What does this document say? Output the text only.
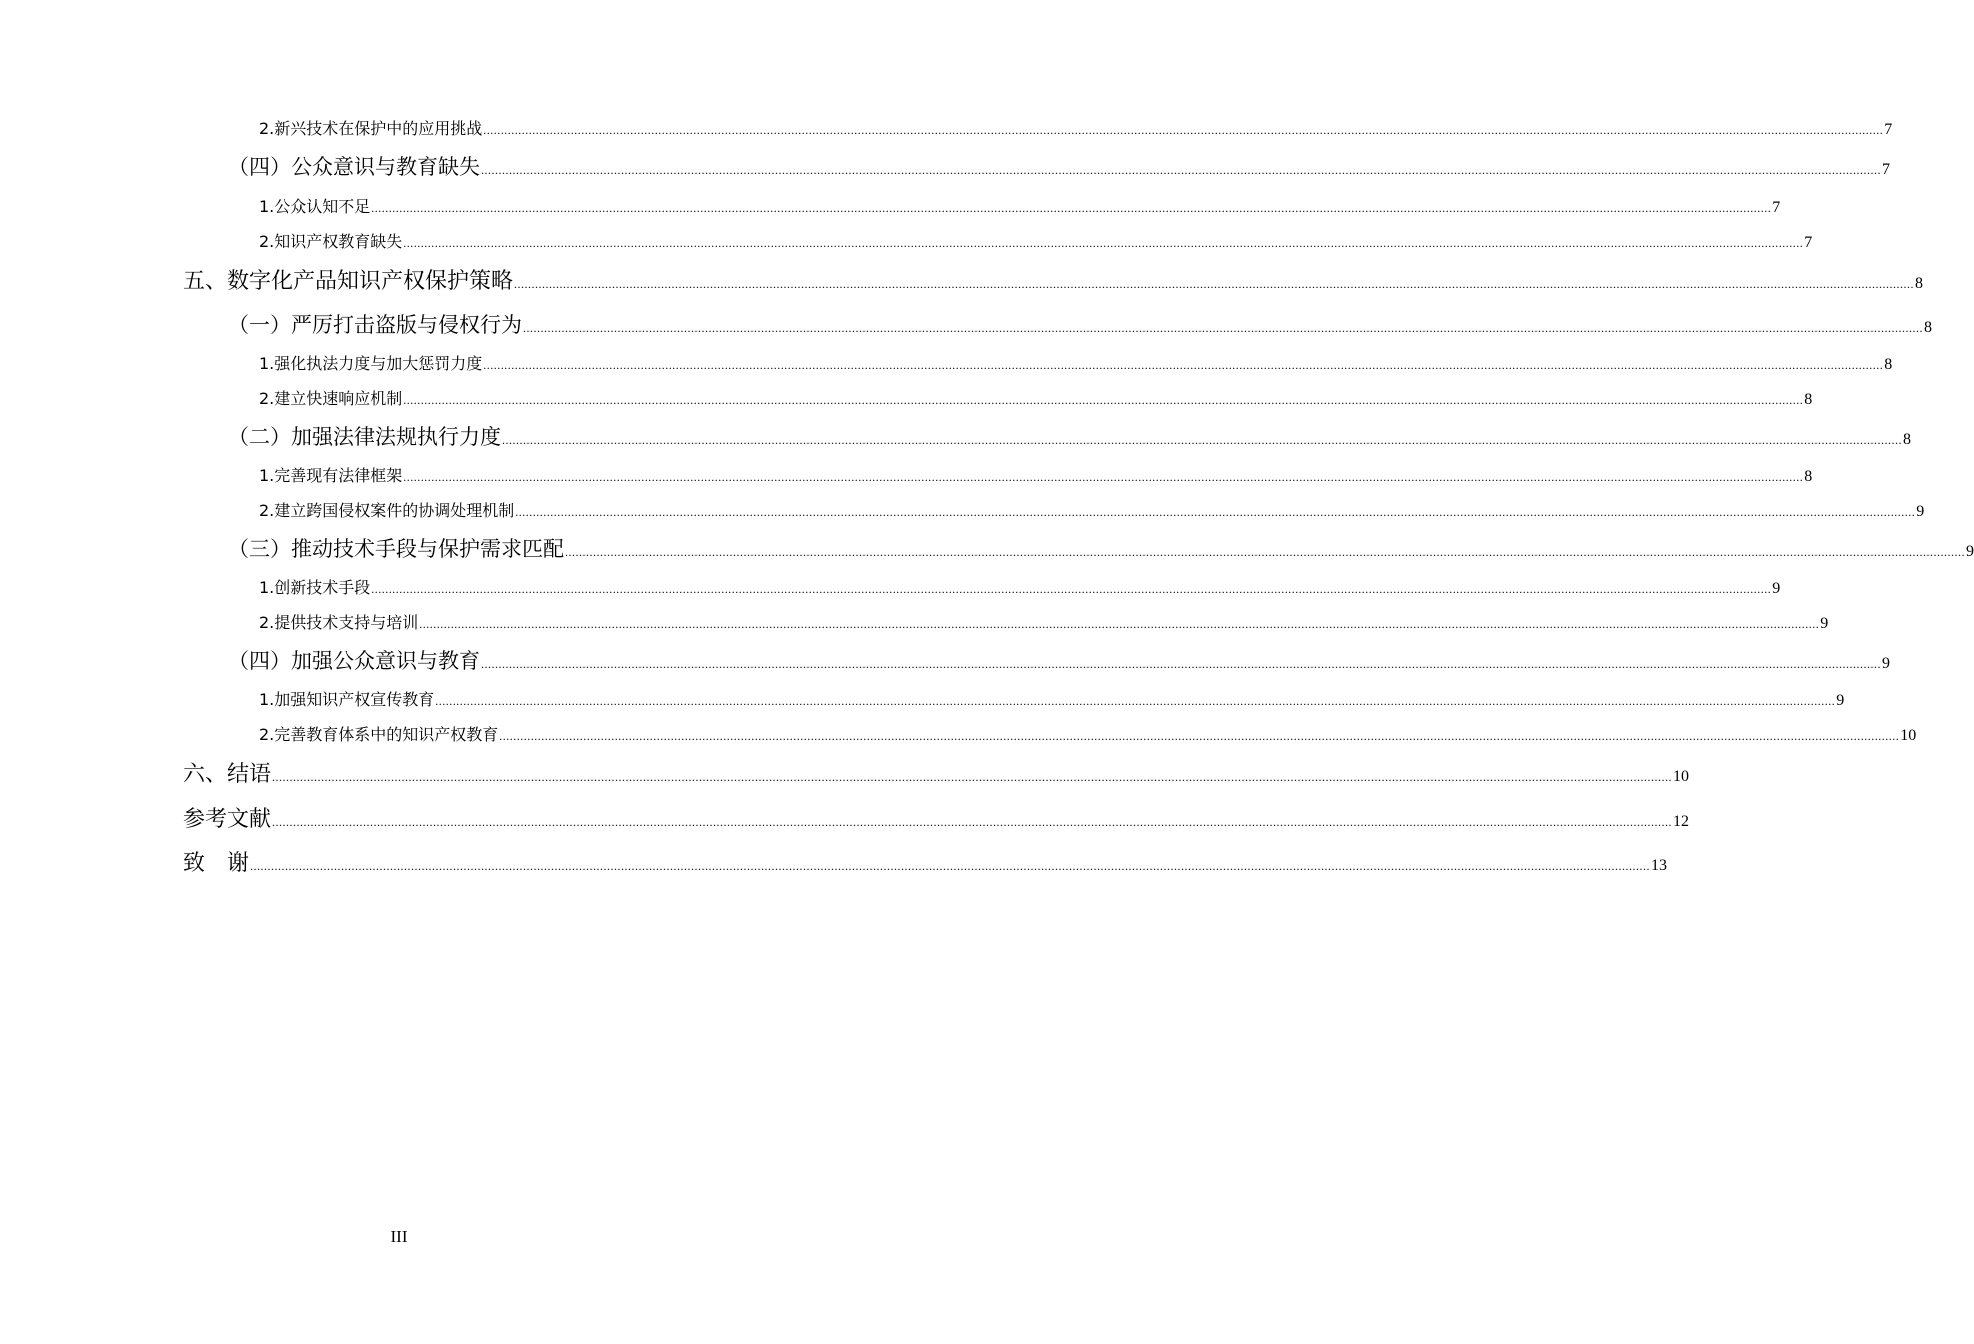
2.新兴技术在保护中的应用挑战 ................................................................................................................................................................................................................................................................................................................................................................................................................ 7
（四）公众意识与教育缺失 ................................................................................................................................................................................................................................................................................................................................................................................................................ 7
1.公众认知不足 ................................................................................................................................................................................................................................................................................................................................................................................................................ 7
2.知识产权教育缺失 ................................................................................................................................................................................................................................................................................................................................................................................................................ 7
五、数字化产品知识产权保护策略 ................................................................................................................................................................................................................................................................................................................................................................................................................ 8
（一）严厉打击盗版与侵权行为 ................................................................................................................................................................................................................................................................................................................................................................................................................ 8
1.强化执法力度与加大惩罚力度 ................................................................................................................................................................................................................................................................................................................................................................................................................ 8
2.建立快速响应机制 ................................................................................................................................................................................................................................................................................................................................................................................................................ 8
（二）加强法律法规执行力度 ................................................................................................................................................................................................................................................................................................................................................................................................................ 8
1.完善现有法律框架 ................................................................................................................................................................................................................................................................................................................................................................................................................ 8
2.建立跨国侵权案件的协调处理机制 ................................................................................................................................................................................................................................................................................................................................................................................................................ 9
（三）推动技术手段与保护需求匹配 ................................................................................................................................................................................................................................................................................................................................................................................................................ 9
1.创新技术手段 ................................................................................................................................................................................................................................................................................................................................................................................................................ 9
2.提供技术支持与培训 ................................................................................................................................................................................................................................................................................................................................................................................................................ 9
（四）加强公众意识与教育 ................................................................................................................................................................................................................................................................................................................................................................................................................ 9
1.加强知识产权宣传教育 ................................................................................................................................................................................................................................................................................................................................................................................................................ 9
2.完善教育体系中的知识产权教育 ................................................................................................................................................................................................................................................................................................................................................................................................................ 10
六、结语 ................................................................................................................................................................................................................................................................................................................................................................................................................ 10
参考文献 ................................................................................................................................................................................................................................................................................................................................................................................................................ 12
致　谢 ................................................................................................................................................................................................................................................................................................................................................................................................................ 13
III
